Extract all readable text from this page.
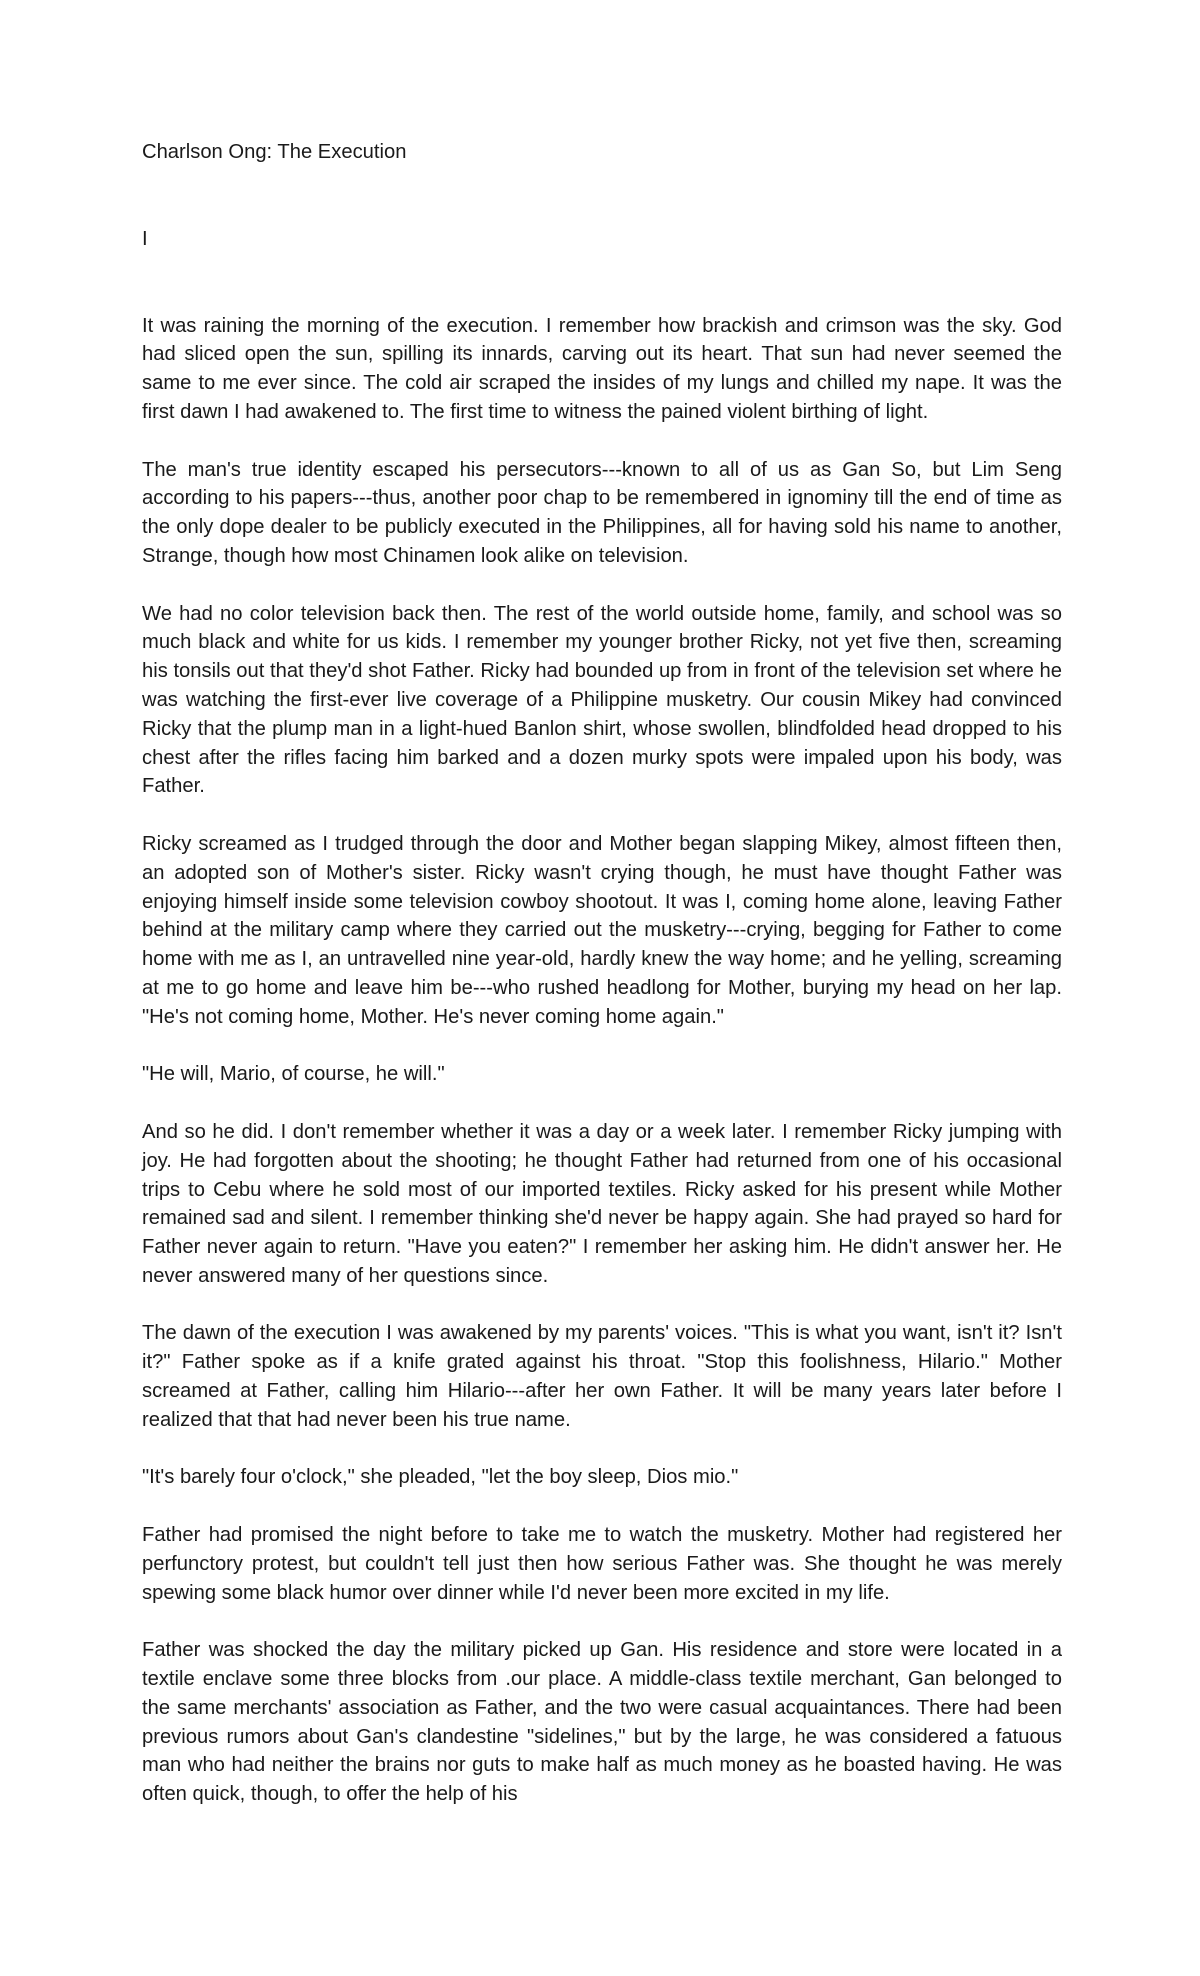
Charlson Ong: The Execution
I

It was raining the morning of the execution. I remember how brackish and crimson was the sky. God had sliced open the sun, spilling its innards, carving out its heart. That sun had never seemed the same to me ever since. The cold air scraped the insides of my lungs and chilled my nape. It was the first dawn I had awakened to. The first time to witness the pained violent birthing of light.

The man's true identity escaped his persecutors---known to all of us as Gan So, but Lim Seng according to his papers---thus, another poor chap to be remembered in ignominy till the end of time as the only dope dealer to be publicly executed in the Philippines, all for having sold his name to another, Strange, though how most Chinamen look alike on television.

We had no color television back then. The rest of the world outside home, family, and school was so much black and white for us kids. I remember my younger brother Ricky, not yet five then, screaming his tonsils out that they'd shot Father. Ricky had bounded up from in front of the television set where he was watching the first-ever live coverage of a Philippine musketry. Our cousin Mikey had convinced Ricky that the plump man in a light-hued Banlon shirt, whose swollen, blindfolded head dropped to his chest after the rifles facing him barked and a dozen murky spots were impaled upon his body, was Father.

Ricky screamed as I trudged through the door and Mother began slapping Mikey, almost fifteen then, an adopted son of Mother's sister. Ricky wasn't crying though, he must have thought Father was enjoying himself inside some television cowboy shootout. It was I, coming home alone, leaving Father behind at the military camp where they carried out the musketry---crying, begging for Father to come home with me as I, an untravelled nine year-old, hardly knew the way home; and he yelling, screaming at me to go home and leave him be---who rushed headlong for Mother, burying my head on her lap. "He's not coming home, Mother. He's never coming home again."

"He will, Mario, of course, he will."

And so he did. I don't remember whether it was a day or a week later. I remember Ricky jumping with joy. He had forgotten about the shooting; he thought Father had returned from one of his occasional trips to Cebu where he sold most of our imported textiles. Ricky asked for his present while Mother remained sad and silent. I remember thinking she'd never be happy again. She had prayed so hard for Father never again to return. "Have you eaten?" I remember her asking him. He didn't answer her. He never answered many of her questions since.

The dawn of the execution I was awakened by my parents' voices. "This is what you want, isn't it? Isn't it?" Father spoke as if a knife grated against his throat. "Stop this foolishness, Hilario." Mother screamed at Father, calling him Hilario---after her own Father. It will be many years later before I realized that that had never been his true name.

"It's barely four o'clock," she pleaded, "let the boy sleep, Dios mio."

Father had promised the night before to take me to watch the musketry. Mother had registered her perfunctory protest, but couldn't tell just then how serious Father was. She thought he was merely spewing some black humor over dinner while I'd never been more excited in my life.

Father was shocked the day the military picked up Gan. His residence and store were located in a textile enclave some three blocks from .our place. A middle-class textile merchant, Gan belonged to the same merchants' association as Father, and the two were casual acquaintances. There had been previous rumors about Gan's clandestine "sidelines," but by the large, he was considered a fatuous man who had neither the brains nor guts to make half as much money as he boasted having. He was often quick, though, to offer the help of his
